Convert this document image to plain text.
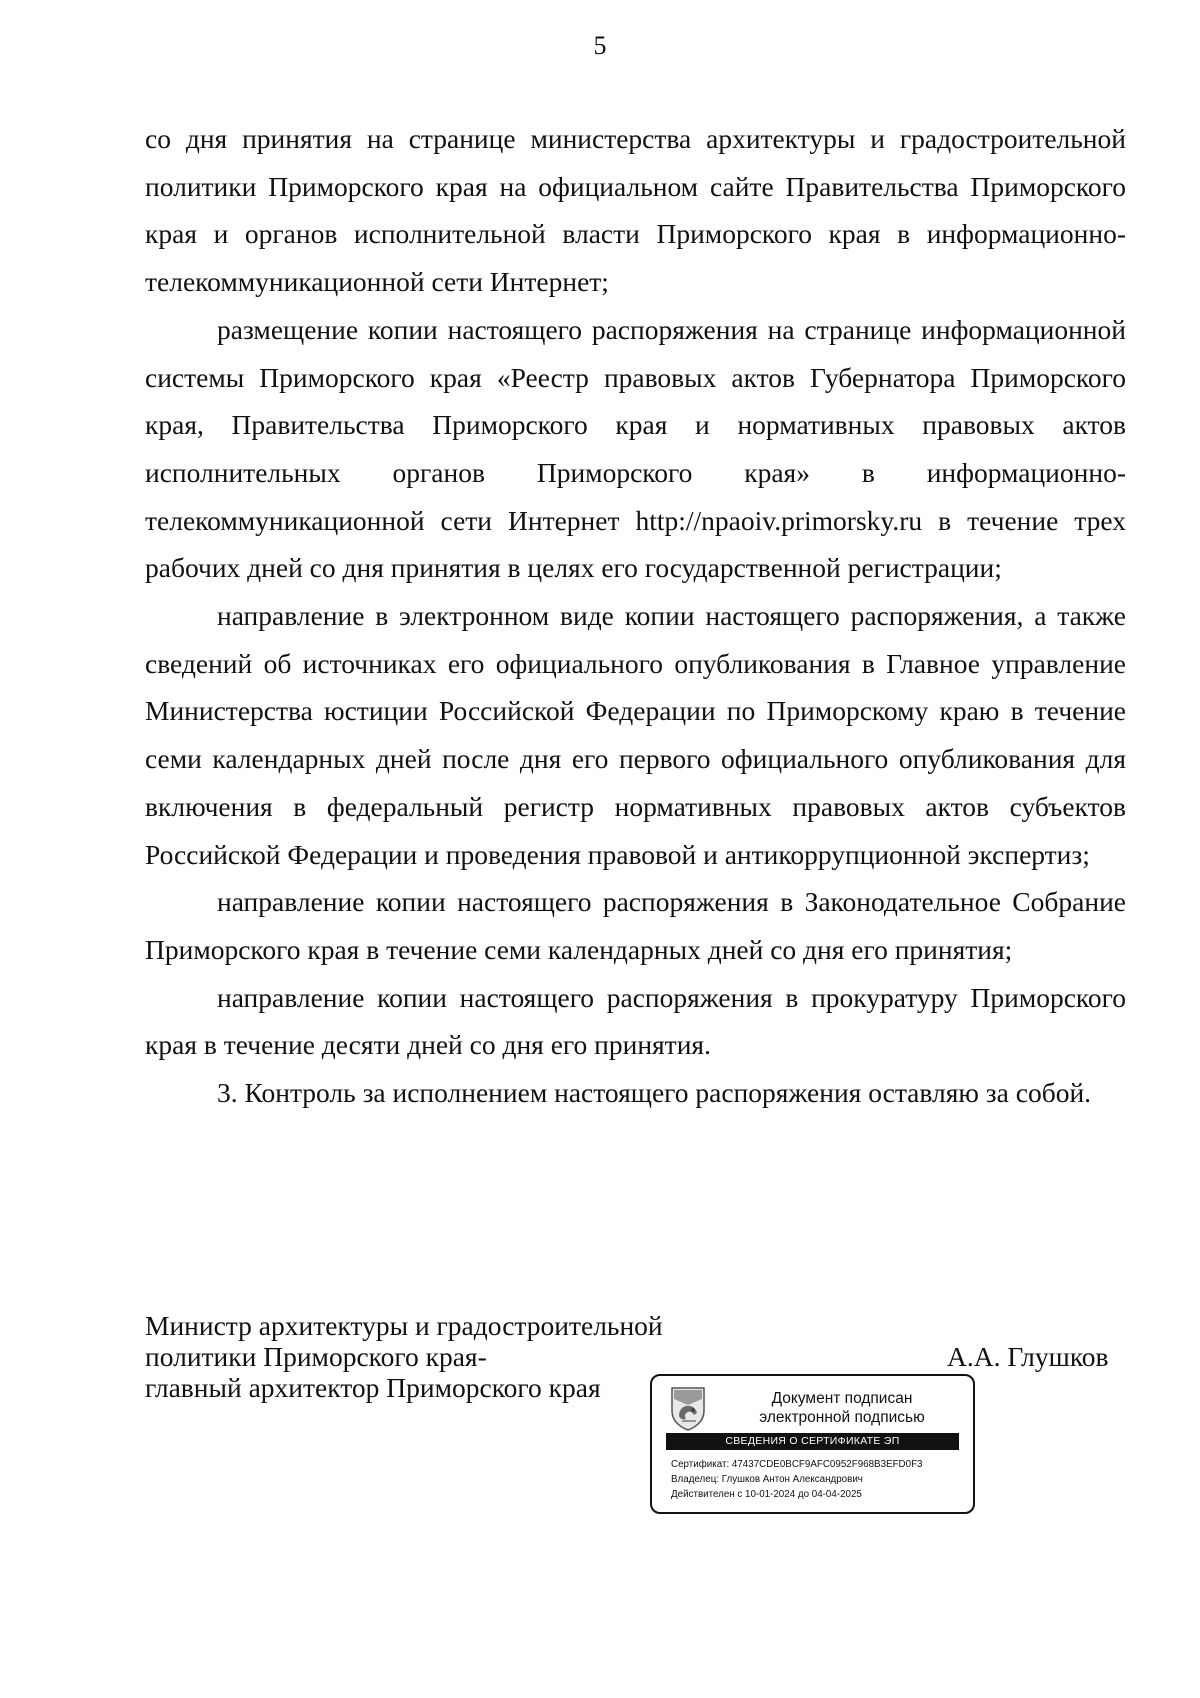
5

со дня принятия на странице министерства архитектуры и градостроительной политики Приморского края на официальном сайте Правительства Приморского края и органов исполнительной власти Приморского края в информационно-телекоммуникационной сети Интернет;

размещение копии настоящего распоряжения на странице информационной системы Приморского края «Реестр правовых актов Губернатора Приморского края, Правительства Приморского края и нормативных правовых актов исполнительных органов Приморского края» в информационно-телекоммуникационной сети Интернет http://npaoiv.primorsky.ru в течение трех рабочих дней со дня принятия в целях его государственной регистрации;

направление в электронном виде копии настоящего распоряжения, а также сведений об источниках его официального опубликования в Главное управление Министерства юстиции Российской Федерации по Приморскому краю в течение семи календарных дней после дня его первого официального опубликования для включения в федеральный регистр нормативных правовых актов субъектов Российской Федерации и проведения правовой и антикоррупционной экспертиз;

направление копии настоящего распоряжения в Законодательное Собрание Приморского края в течение семи календарных дней со дня его принятия;

направление копии настоящего распоряжения в прокуратуру Приморского края в течение десяти дней со дня его принятия.

3. Контроль за исполнением настоящего распоряжения оставляю за собой.

Министр архитектуры и градостроительной
политики Приморского края-
главный архитектор Приморского края
А.А. Глушков
Документ подписан
электронной подписью
СВЕДЕНИЯ О СЕРТИФИКАТЕ ЭП
Сертификат: 47437CDE0BCF9AFC0952F968B3EFD0F3
Владелец: Глушков Антон Александрович
Действителен с 10-01-2024 до 04-04-2025
